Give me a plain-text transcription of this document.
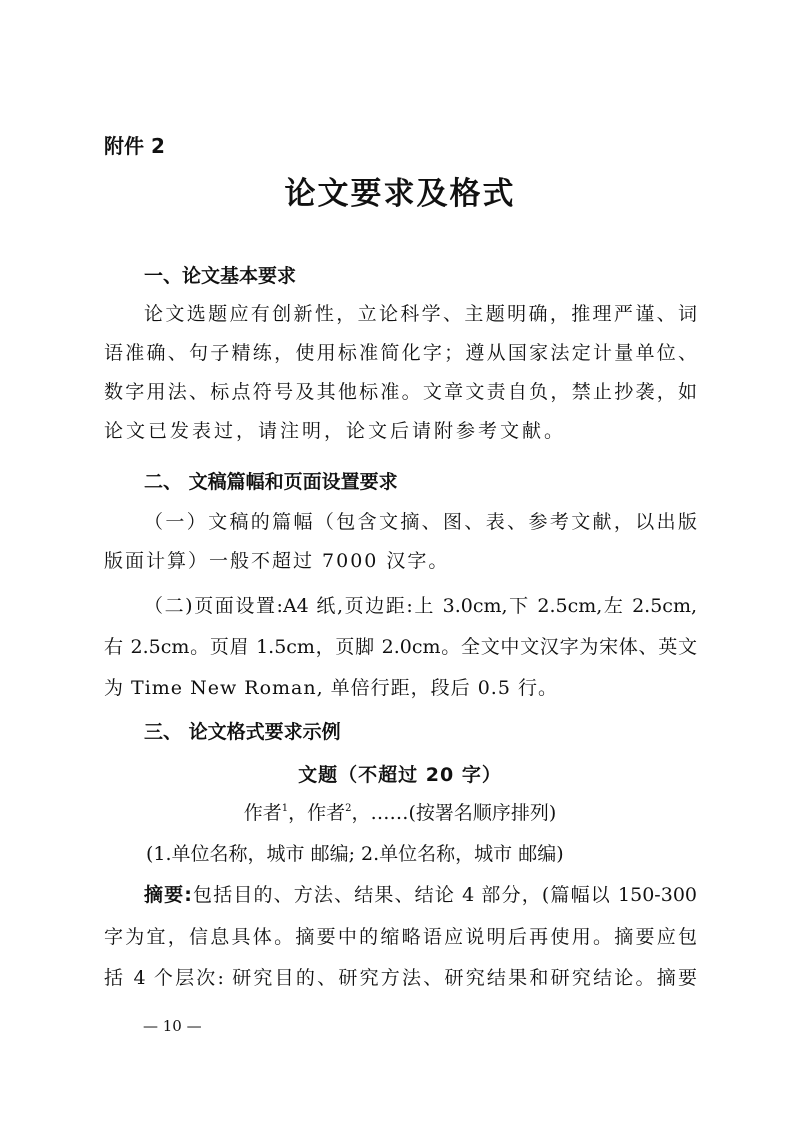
附件 2
论文要求及格式
一、论文基本要求
论文选题应有创新性，立论科学、主题明确，推理严谨、词
语准确、句子精练，使用标准简化字；遵从国家法定计量单位、
数字用法、标点符号及其他标准。文章文责自负，禁止抄袭，如
论文已发表过，请注明，论文后请附参考文献。
二、 文稿篇幅和页面设置要求
（一）文稿的篇幅（包含文摘、图、表、参考文献，以出版
版面计算）一般不超过 7000 汉字。
（二)页面设置:A4 纸,页边距:上 3.0cm,下 2.5cm,左 2.5cm,
右 2.5cm。页眉 1.5cm，页脚 2.0cm。全文中文汉字为宋体、英文
为 Time New Roman, 单倍行距，段后 0.5 行。
三、 论文格式要求示例
文题（不超过 20 字）
作者$^1$，作者$^2$，……(按署名顺序排列)
(1.单位名称，城市 邮编; 2.单位名称，城市 邮编)
摘要:包括目的、方法、结果、结论 4 部分，(篇幅以 150-300
字为宜，信息具体。摘要中的缩略语应说明后再使用。摘要应包
括 4 个层次: 研究目的、研究方法、研究结果和研究结论。摘要
— 10 —
